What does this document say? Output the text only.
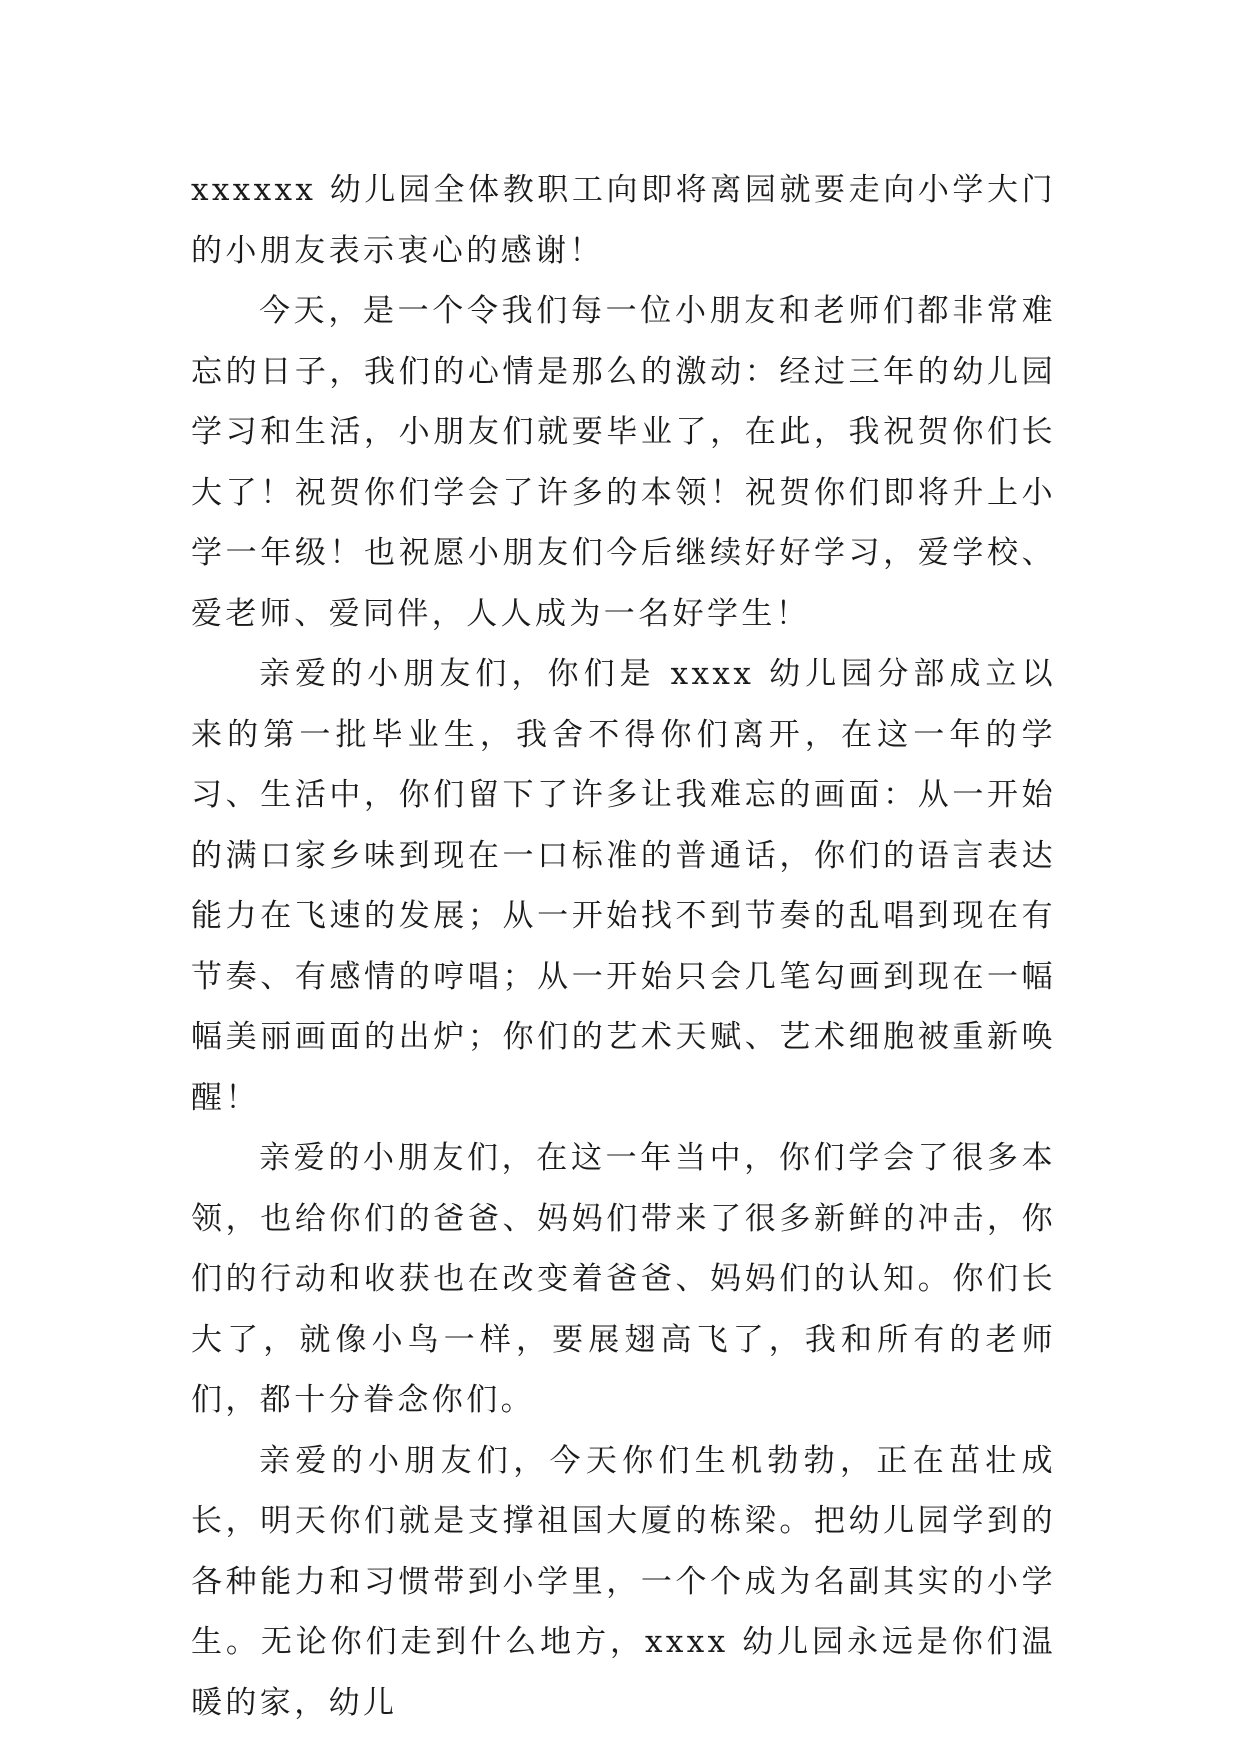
xxxxxx 幼儿园全体教职工向即将离园就要走向小学大门的小朋友表示衷心的感谢！

今天，是一个令我们每一位小朋友和老师们都非常难忘的日子，我们的心情是那么的激动：经过三年的幼儿园学习和生活，小朋友们就要毕业了，在此，我祝贺你们长大了！祝贺你们学会了许多的本领！祝贺你们即将升上小学一年级！也祝愿小朋友们今后继续好好学习，爱学校、爱老师、爱同伴，人人成为一名好学生！

亲爱的小朋友们，你们是 xxxx 幼儿园分部成立以来的第一批毕业生，我舍不得你们离开，在这一年的学习、生活中，你们留下了许多让我难忘的画面：从一开始的满口家乡味到现在一口标准的普通话，你们的语言表达能力在飞速的发展；从一开始找不到节奏的乱唱到现在有节奏、有感情的哼唱；从一开始只会几笔勾画到现在一幅幅美丽画面的出炉；你们的艺术天赋、艺术细胞被重新唤醒！

亲爱的小朋友们，在这一年当中，你们学会了很多本领，也给你们的爸爸、妈妈们带来了很多新鲜的冲击，你们的行动和收获也在改变着爸爸、妈妈们的认知。你们长大了，就像小鸟一样，要展翅高飞了，我和所有的老师们，都十分眷念你们。

亲爱的小朋友们，今天你们生机勃勃，正在茁壮成长，明天你们就是支撑祖国大厦的栋梁。把幼儿园学到的各种能力和习惯带到小学里，一个个成为名副其实的小学生。无论你们走到什么地方，xxxx 幼儿园永远是你们温暖的家，幼儿
